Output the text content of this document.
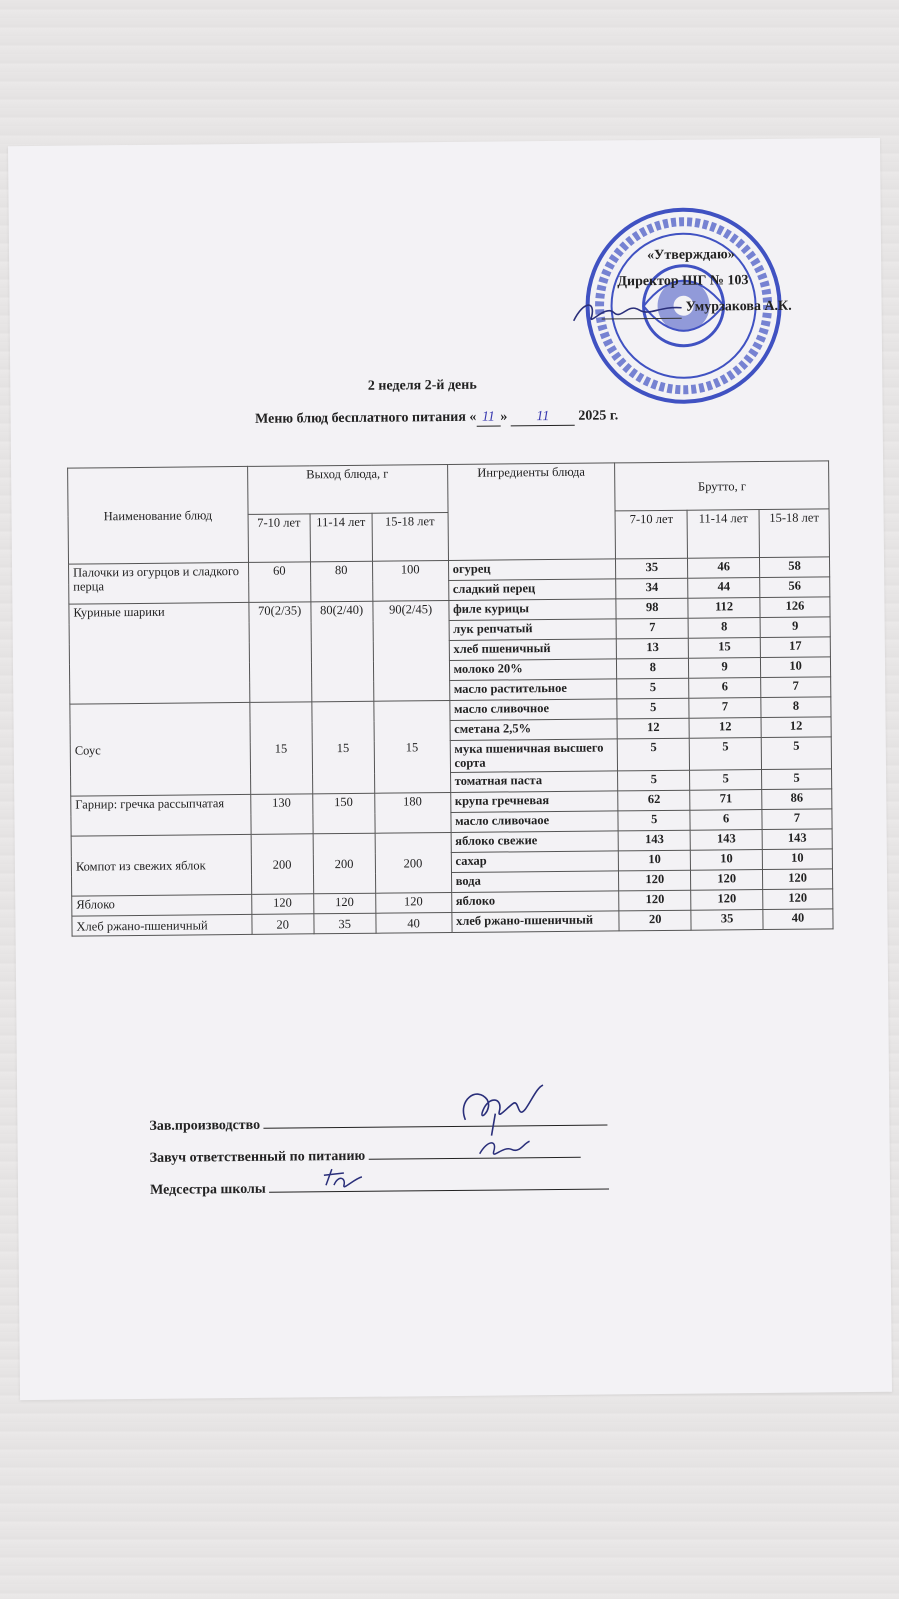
«Утверждаю»
Директор ШГ № 103
Умурзакова А.К.
2 неделя 2-й день
Меню блюд бесплатного питания « 11 » 11 2025 г.
Наименование блюд	Выход блюда, г			Ингредиенты блюда	Брутто, г		
	7-10 лет	11-14 лет	15-18 лет		7-10 лет	11-14 лет	15-18 лет
Палочки из огурцов и сладкого перца	60	80	100	огурец	35	46	58
				сладкий перец	34	44	56
Куриные шарики	70(2/35)	80(2/40)	90(2/45)	филе курицы	98	112	126
				лук репчатый	7	8	9
				хлеб пшеничный	13	15	17
				молоко 20%	8	9	10
				масло растительное	5	6	7
Соус	15	15	15	масло сливочное	5	7	8
				сметана 2,5%	12	12	12
				мука пшеничная высшего сорта	5	5	5
				томатная паста	5	5	5
Гарнир: гречка рассыпчатая	130	150	180	крупа гречневая	62	71	86
				масло сливочаое	5	6	7
Компот из свежих яблок	200	200	200	яблоко свежие	143	143	143
				сахар	10	10	10
				вода	120	120	120
Яблоко	120	120	120	яблоко	120	120	120
Хлеб ржано-пшеничный	20	35	40	хлеб ржано-пшеничный	20	35	40
Зав.производство
Завуч ответственный по питанию
Медсестра школы
